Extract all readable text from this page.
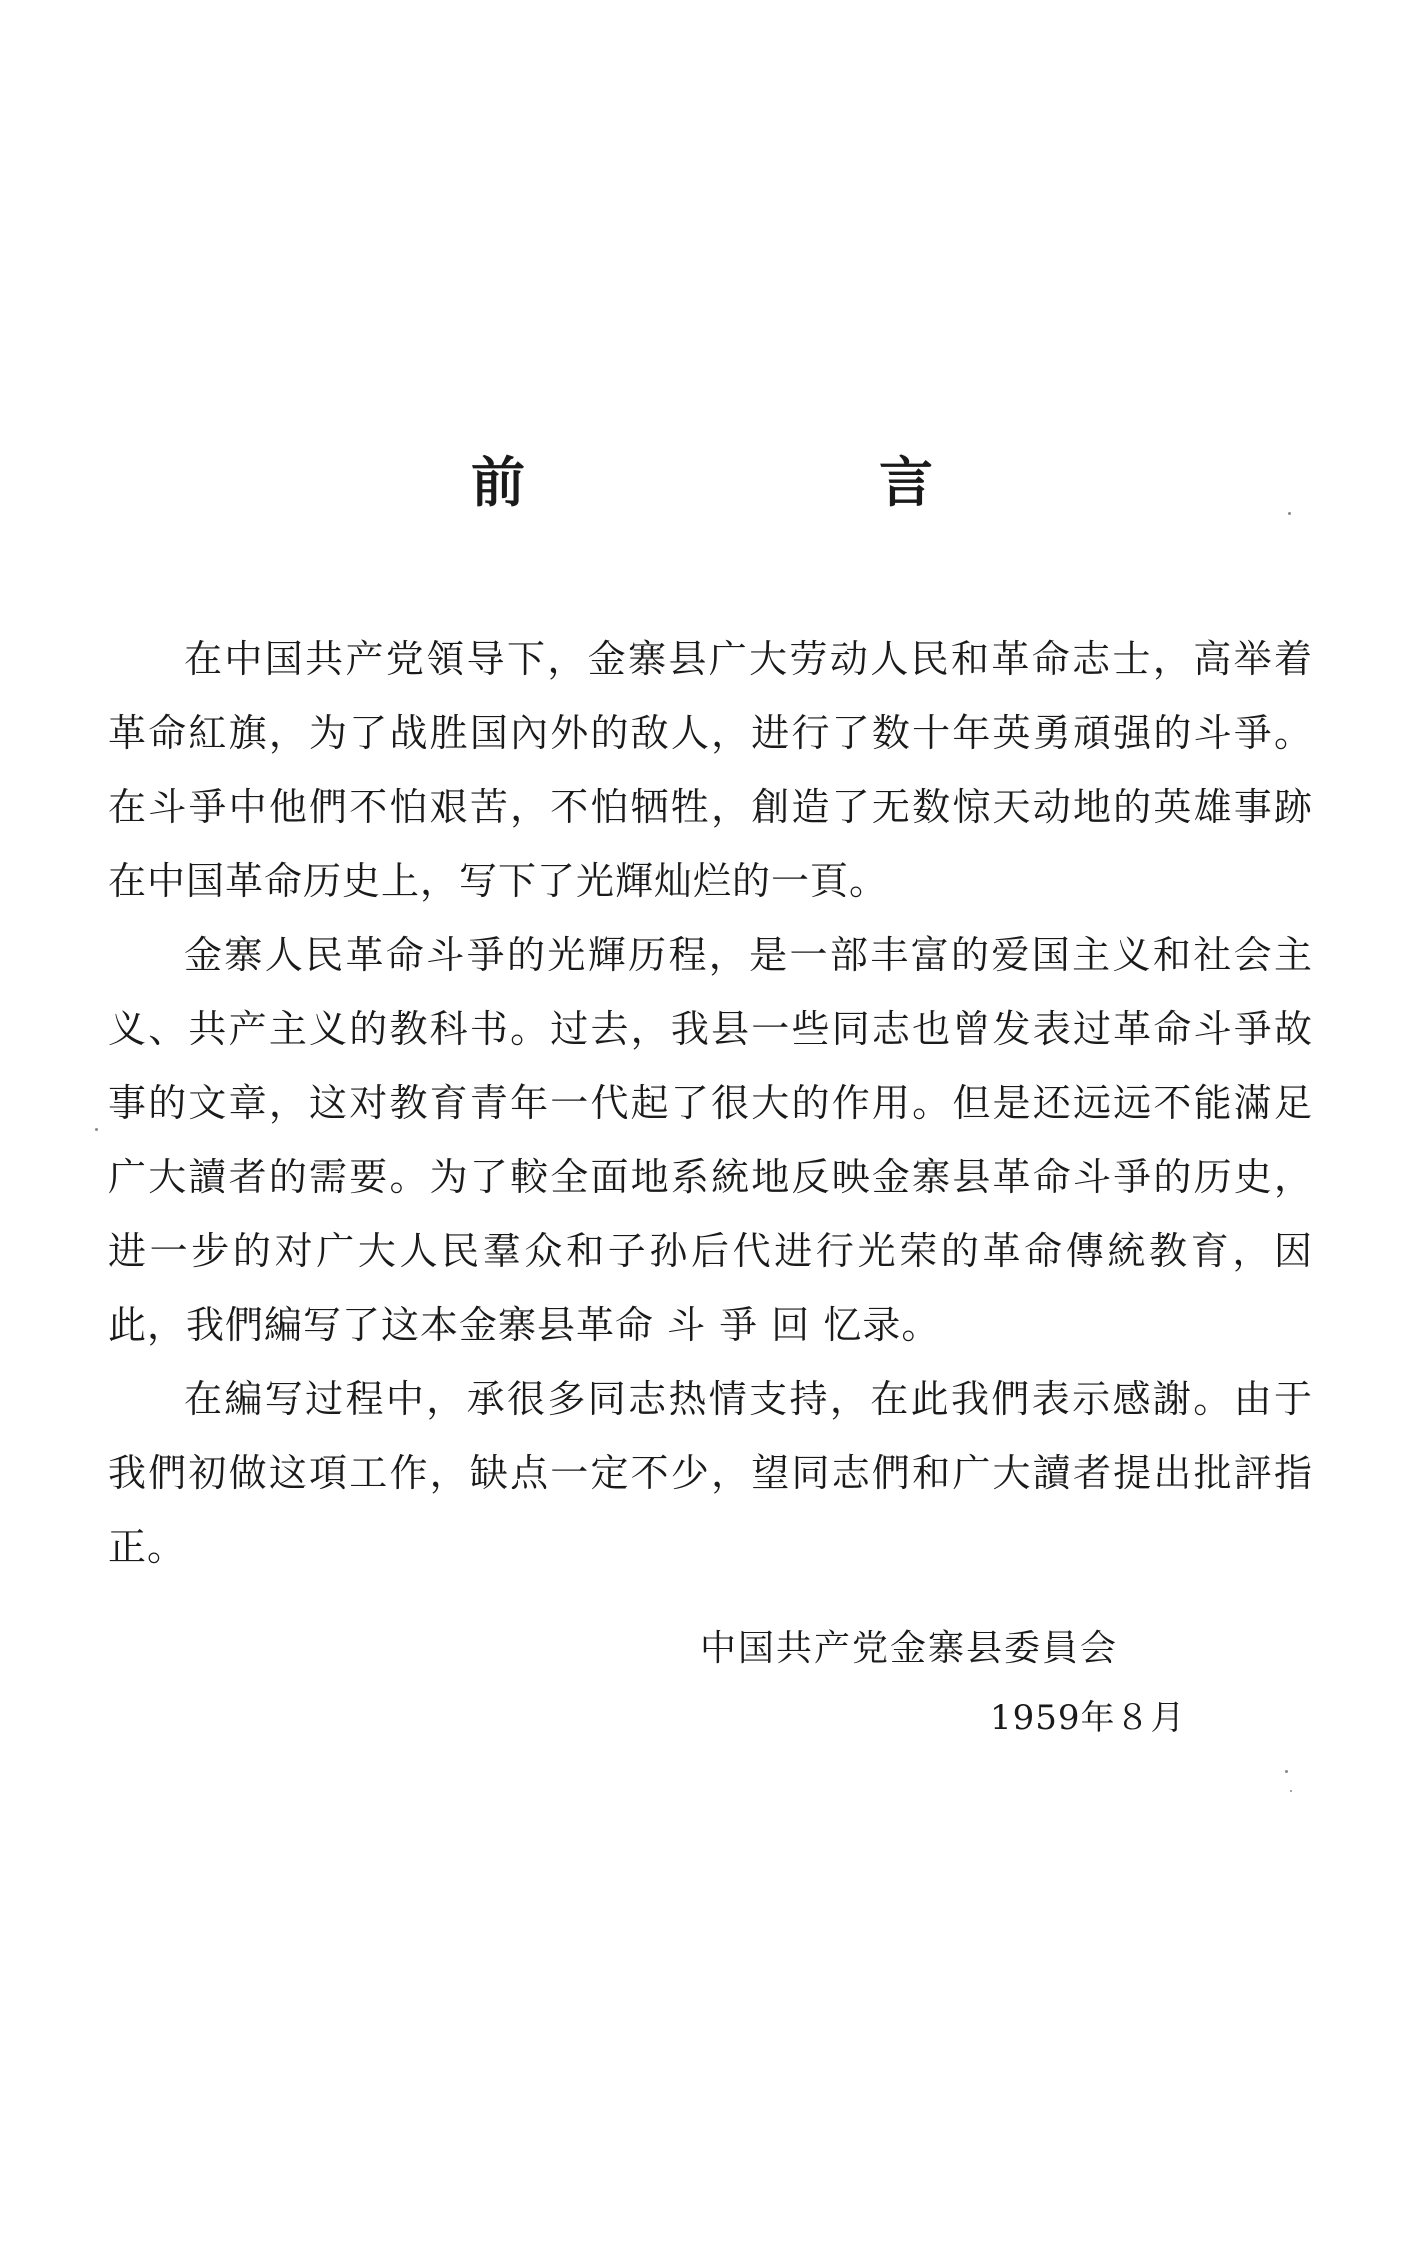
前　言

在中国共产党領导下，金寨县广大劳动人民和革命志士，高举着革命紅旗，为了战胜国內外的敌人，进行了数十年英勇頑强的斗爭。在斗爭中他們不怕艰苦，不怕牺牲，創造了无数惊天动地的英雄事跡在中国革命历史上，写下了光輝灿烂的一頁。

金寨人民革命斗爭的光輝历程，是一部丰富的爱国主义和社会主义、共产主义的教科书。过去，我县一些同志也曾发表过革命斗爭故事的文章，这对教育青年一代起了很大的作用。但是还远远不能滿足广大讀者的需要。为了較全面地系統地反映金寨县革命斗爭的历史，进一步的对广大人民羣众和子孙后代进行光荣的革命傳統教育，因此，我們編写了这本金寨县革命 斗 爭 回 忆录。

在編写过程中，承很多同志热情支持，在此我們表示感謝。由于我們初做这項工作，缺点一定不少，望同志們和广大讀者提出批評指正。

中国共产党金寨县委員会
1959年８月
